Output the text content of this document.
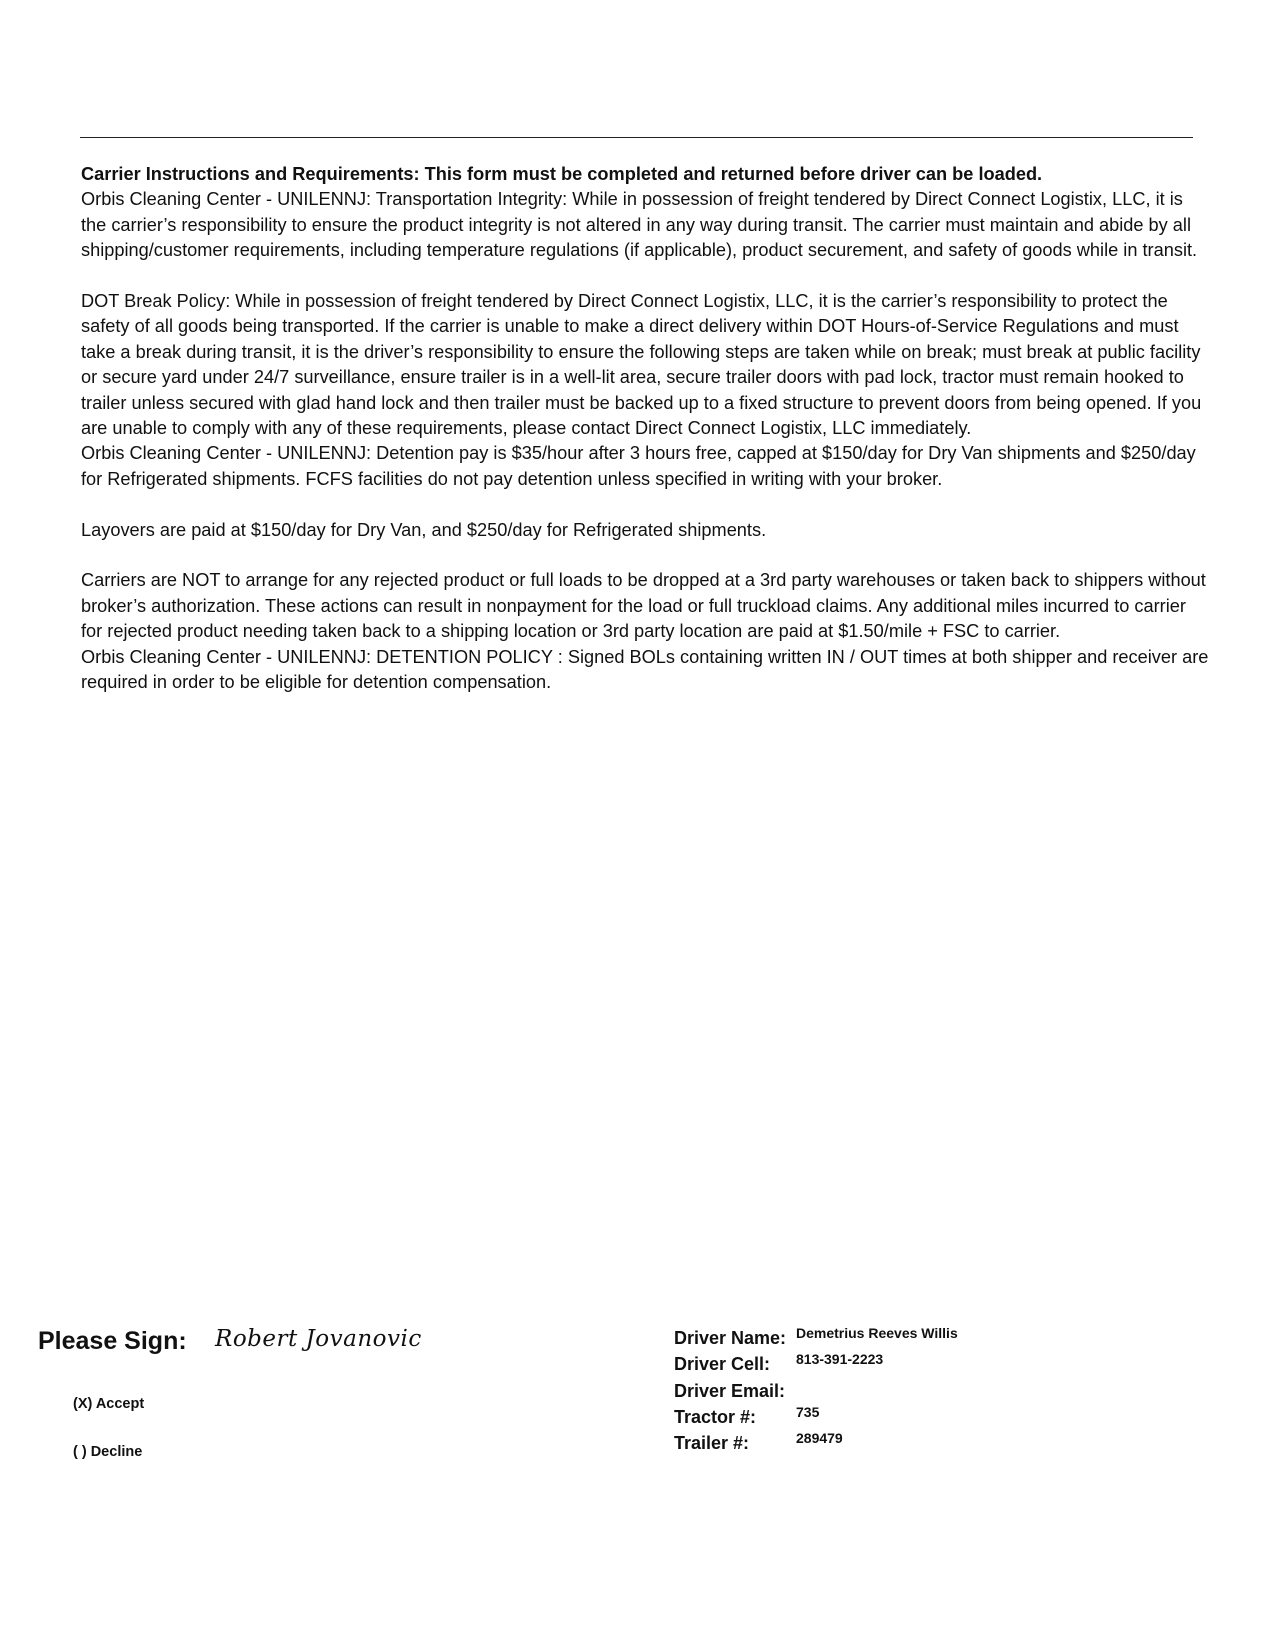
Carrier Instructions and Requirements: This form must be completed and returned before driver can be loaded.

Orbis Cleaning Center - UNILENNJ: Transportation Integrity: While in possession of freight tendered by Direct Connect Logistix, LLC, it is the carrier’s responsibility to ensure the product integrity is not altered in any way during transit. The carrier must maintain and abide by all shipping/customer requirements, including temperature regulations (if applicable), product securement, and safety of goods while in transit.

DOT Break Policy: While in possession of freight tendered by Direct Connect Logistix, LLC, it is the carrier’s responsibility to protect the safety of all goods being transported. If the carrier is unable to make a direct delivery within DOT Hours-of-Service Regulations and must take a break during transit, it is the driver’s responsibility to ensure the following steps are taken while on break; must break at public facility or secure yard under 24/7 surveillance, ensure trailer is in a well-lit area, secure trailer doors with pad lock, tractor must remain hooked to trailer unless secured with glad hand lock and then trailer must be backed up to a fixed structure to prevent doors from being opened. If you are unable to comply with any of these requirements, please contact Direct Connect Logistix, LLC immediately.

Orbis Cleaning Center - UNILENNJ: Detention pay is $35/hour after 3 hours free, capped at $150/day for Dry Van shipments and $250/day for Refrigerated shipments. FCFS facilities do not pay detention unless specified in writing with your broker.

Layovers are paid at $150/day for Dry Van, and $250/day for Refrigerated shipments.

Carriers are NOT to arrange for any rejected product or full loads to be dropped at a 3rd party warehouses or taken back to shippers without broker’s authorization. These actions can result in nonpayment for the load or full truckload claims. Any additional miles incurred to carrier for rejected product needing taken back to a shipping location or 3rd party location are paid at $1.50/mile + FSC to carrier.

Orbis Cleaning Center - UNILENNJ: DETENTION POLICY : Signed BOLs containing written IN / OUT times at both shipper and receiver are required in order to be eligible for detention compensation.

Please Sign: Robert Jovanovic
(X) Accept
( ) Decline
Driver Name: Demetrius Reeves Willis
Driver Cell: 813-391-2223
Driver Email:
Tractor #:	735
Trailer #:	289479
